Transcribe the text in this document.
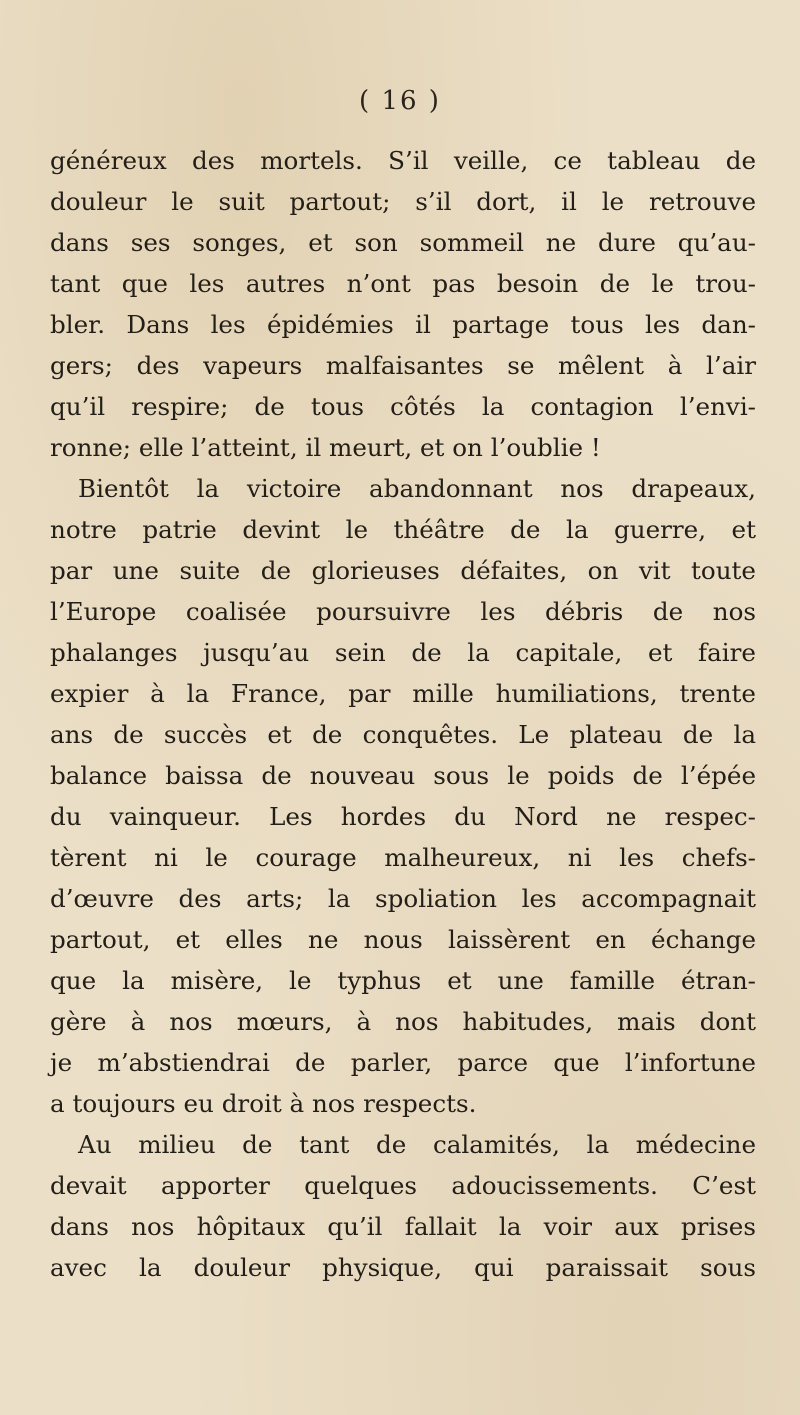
( 16 )
généreux des mortels. S’il veille, ce tableau de
douleur le suit partout; s’il dort, il le retrouve
dans ses songes, et son sommeil ne dure qu’au-
tant que les autres n’ont pas besoin de le trou-
bler. Dans les épidémies il partage tous les dan-
gers; des vapeurs malfaisantes se mêlent à l’air
qu’il respire; de tous côtés la contagion l’envi-
ronne; elle l’atteint, il meurt, et on l’oublie !
Bientôt la victoire abandonnant nos drapeaux,
notre patrie devint le théâtre de la guerre, et
par une suite de glorieuses défaites, on vit toute
l’Europe coalisée poursuivre les débris de nos
phalanges jusqu’au sein de la capitale, et faire
expier à la France, par mille humiliations, trente
ans de succès et de conquêtes. Le plateau de la
balance baissa de nouveau sous le poids de l’épée
du vainqueur. Les hordes du Nord ne respec-
tèrent ni le courage malheureux, ni les chefs-
d’œuvre des arts; la spoliation les accompagnait
partout, et elles ne nous laissèrent en échange
que la misère, le typhus et une famille étran-
gère à nos mœurs, à nos habitudes, mais dont
je m’abstiendrai de parler, parce que l’infortune
a toujours eu droit à nos respects.
Au milieu de tant de calamités, la médecine
devait apporter quelques adoucissements. C’est
dans nos hôpitaux qu’il fallait la voir aux prises
avec la douleur physique, qui paraissait sous
